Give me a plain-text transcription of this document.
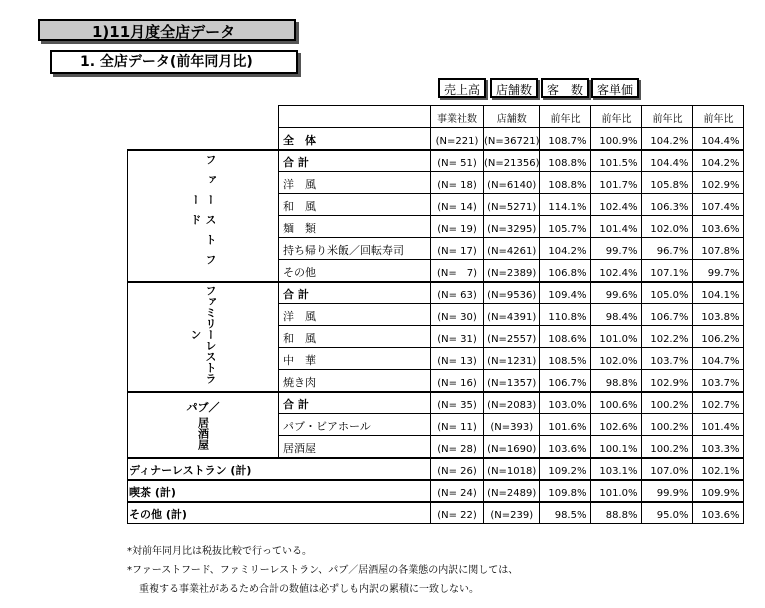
1)11月度全店データ
1. 全店データ(前年同月比)
売上高	店舗数	客　数	客単価
		事業社数	店舗数	前年比	前年比	前年比	前年比
	全　体	(N=221)	(N=36721)	108.7%	100.9%	104.2%	104.4%
ファーストフード	合 計	(N= 51)	(N=21356)	108.8%	101.5%	104.4%	104.2%
	洋　風	(N= 18)	(N=6140)	108.8%	101.7%	105.8%	102.9%
	和　風	(N= 14)	(N=5271)	114.1%	102.4%	106.3%	107.4%
	麺　類	(N= 19)	(N=3295)	105.7%	101.4%	102.0%	103.6%
	持ち帰り米飯／回転寿司	(N= 17)	(N=4261)	104.2%	99.7%	96.7%	107.8%
	その他	(N=　7)	(N=2389)	106.8%	102.4%	107.1%	99.7%
ファミリーレストラン	合 計	(N= 63)	(N=9536)	109.4%	99.6%	105.0%	104.1%
	洋　風	(N= 30)	(N=4391)	110.8%	98.4%	106.7%	103.8%
	和　風	(N= 31)	(N=2557)	108.6%	101.0%	102.2%	106.2%
	中　華	(N= 13)	(N=1231)	108.5%	102.0%	103.7%	104.7%
	焼き肉	(N= 16)	(N=1357)	106.7%	98.8%	102.9%	103.7%

パブ／
居酒屋	合 計	(N= 35)	(N=2083)	103.0%	100.6%	100.2%	102.7%
	パブ・ビアホール	(N= 11)	(N=393)	101.6%	102.6%	100.2%	101.4%
	居酒屋	(N= 28)	(N=1690)	103.6%	100.1%	100.2%	103.3%
ディナーレストラン (計)		(N= 26)	(N=1018)	109.2%	103.1%	107.0%	102.1%
喫茶 (計)		(N= 24)	(N=2489)	109.8%	101.0%	99.9%	109.9%
その他 (計)		(N= 22)	(N=239)	98.5%	88.8%	95.0%	103.6%
*対前年同月比は税抜比較で行っている。
*ファーストフード、ファミリーレストラン、パブ／居酒屋の各業態の内訳に関しては、
重複する事業社があるため合計の数値は必ずしも内訳の累積に一致しない。
